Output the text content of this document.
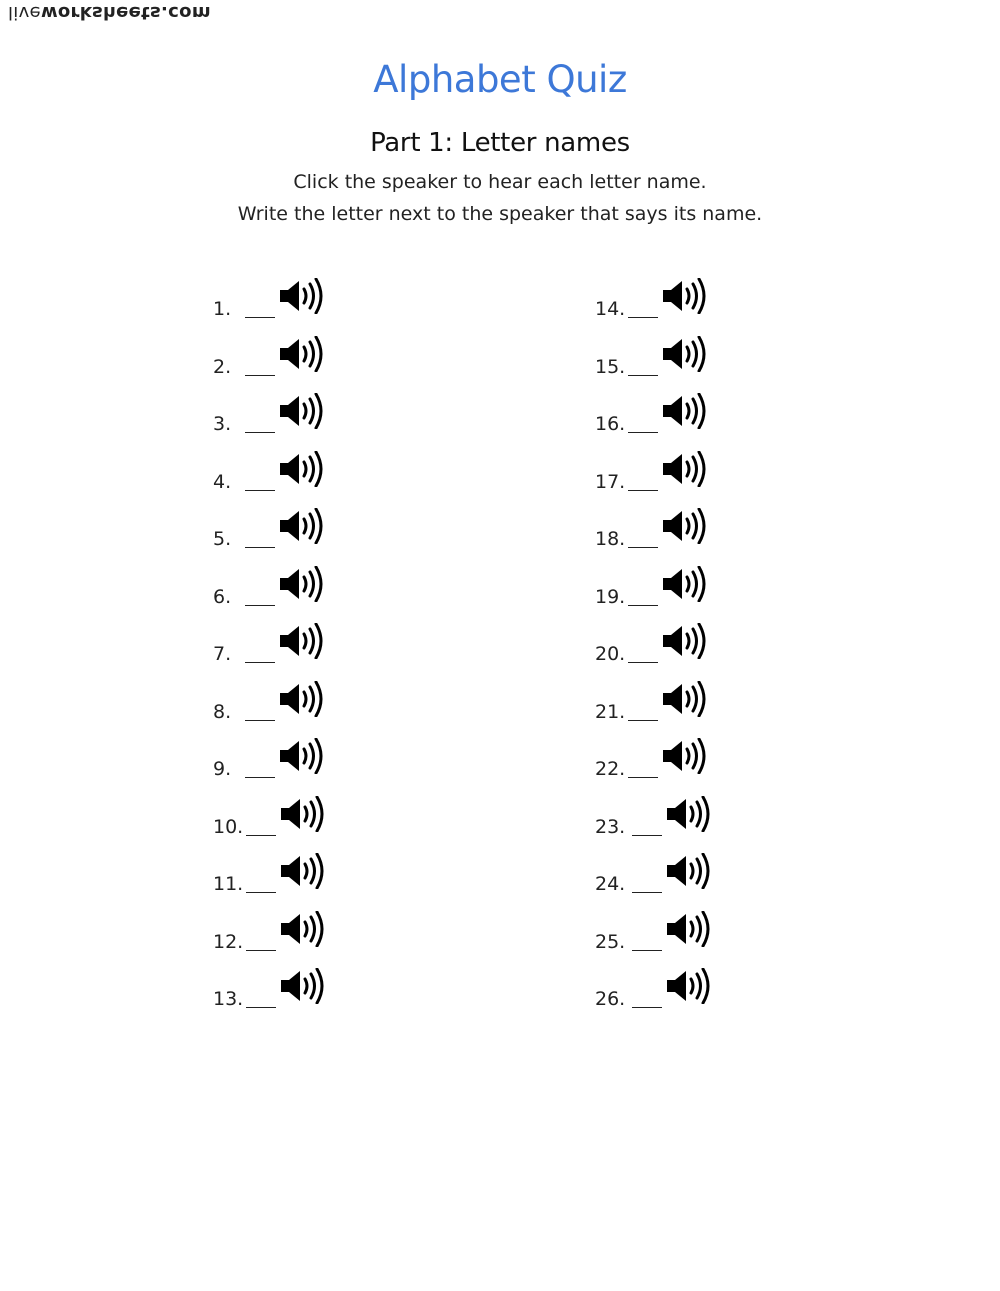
liveworksheets.com
Alphabet Quiz
Part 1: Letter names
Click the speaker to hear each letter name.
Write the letter next to the speaker that says its name.
1.
2.
3.
4.
5.
6.
7.
8.
9.
10.
11.
12.
13.
14.
15.
16.
17.
18.
19.
20.
21.
22.
23.
24.
25.
26.
